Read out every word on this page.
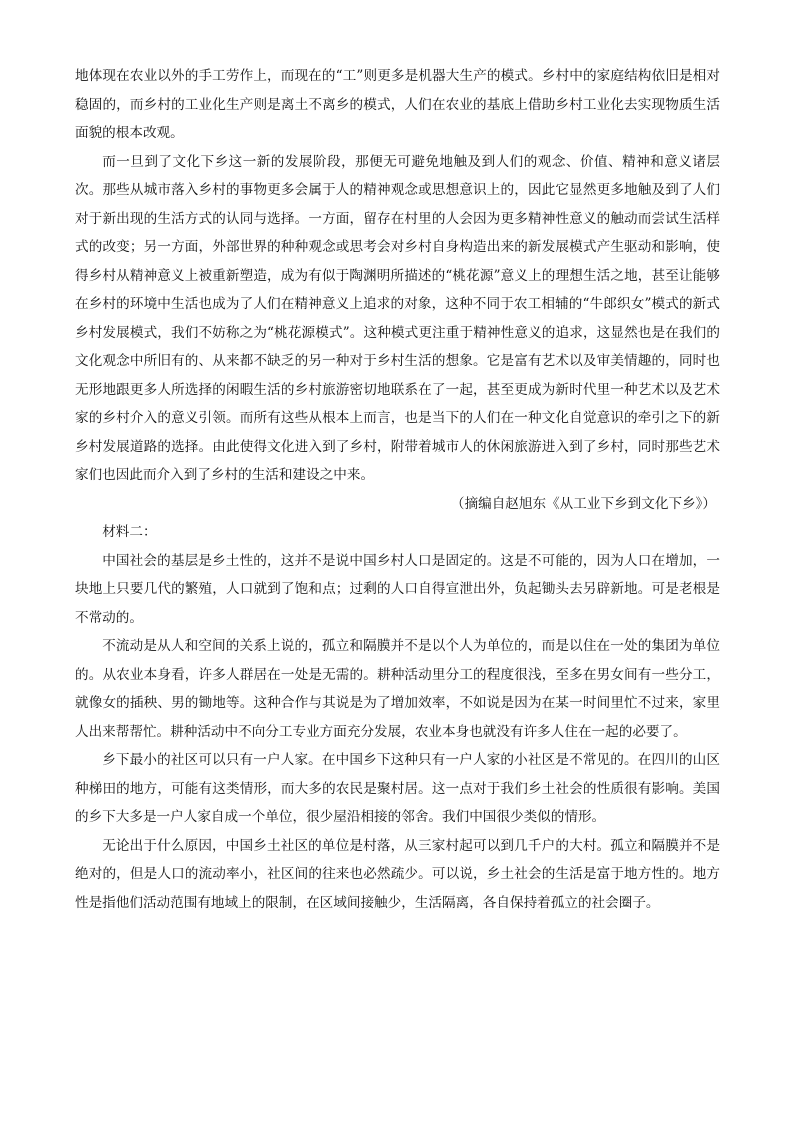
地体现在农业以外的手工劳作上，而现在的“工”则更多是机器大生产的模式。乡村中的家庭结构依旧是相对稳固的，而乡村的工业化生产则是离土不离乡的模式，人们在农业的基底上借助乡村工业化去实现物质生活面貌的根本改观。

而一旦到了文化下乡这一新的发展阶段，那便无可避免地触及到人们的观念、价值、精神和意义诸层次。那些从城市落入乡村的事物更多会属于人的精神观念或思想意识上的，因此它显然更多地触及到了人们对于新出现的生活方式的认同与选择。一方面，留存在村里的人会因为更多精神性意义的触动而尝试生活样式的改变；另一方面，外部世界的种种观念或思考会对乡村自身构造出来的新发展模式产生驱动和影响，使得乡村从精神意义上被重新塑造，成为有似于陶渊明所描述的“桃花源”意义上的理想生活之地，甚至让能够在乡村的环境中生活也成为了人们在精神意义上追求的对象，这种不同于农工相辅的“牛郎织女”模式的新式乡村发展模式，我们不妨称之为“桃花源模式”。这种模式更注重于精神性意义的追求，这显然也是在我们的文化观念中所旧有的、从来都不缺乏的另一种对于乡村生活的想象。它是富有艺术以及审美情趣的，同时也无形地跟更多人所选择的闲暇生活的乡村旅游密切地联系在了一起，甚至更成为新时代里一种艺术以及艺术家的乡村介入的意义引领。而所有这些从根本上而言，也是当下的人们在一种文化自觉意识的牵引之下的新乡村发展道路的选择。由此使得文化进入到了乡村，附带着城市人的休闲旅游进入到了乡村，同时那些艺术家们也因此而介入到了乡村的生活和建设之中来。

（摘编自赵旭东《从工业下乡到文化下乡》）

材料二：

中国社会的基层是乡土性的，这并不是说中国乡村人口是固定的。这是不可能的，因为人口在增加，一块地上只要几代的繁殖，人口就到了饱和点；过剩的人口自得宣泄出外，负起锄头去另辟新地。可是老根是不常动的。

不流动是从人和空间的关系上说的，孤立和隔膜并不是以个人为单位的，而是以住在一处的集团为单位的。从农业本身看，许多人群居在一处是无需的。耕种活动里分工的程度很浅，至多在男女间有一些分工，就像女的插秧、男的锄地等。这种合作与其说是为了增加效率，不如说是因为在某一时间里忙不过来，家里人出来帮帮忙。耕种活动中不向分工专业方面充分发展，农业本身也就没有许多人住在一起的必要了。

乡下最小的社区可以只有一户人家。在中国乡下这种只有一户人家的小社区是不常见的。在四川的山区种梯田的地方，可能有这类情形，而大多的农民是聚村居。这一点对于我们乡土社会的性质很有影响。美国的乡下大多是一户人家自成一个单位，很少屋沿相接的邻舍。我们中国很少类似的情形。

无论出于什么原因，中国乡土社区的单位是村落，从三家村起可以到几千户的大村。孤立和隔膜并不是绝对的，但是人口的流动率小，社区间的往来也必然疏少。可以说，乡土社会的生活是富于地方性的。地方性是指他们活动范围有地域上的限制，在区域间接触少，生活隔离，各自保持着孤立的社会圈子。
